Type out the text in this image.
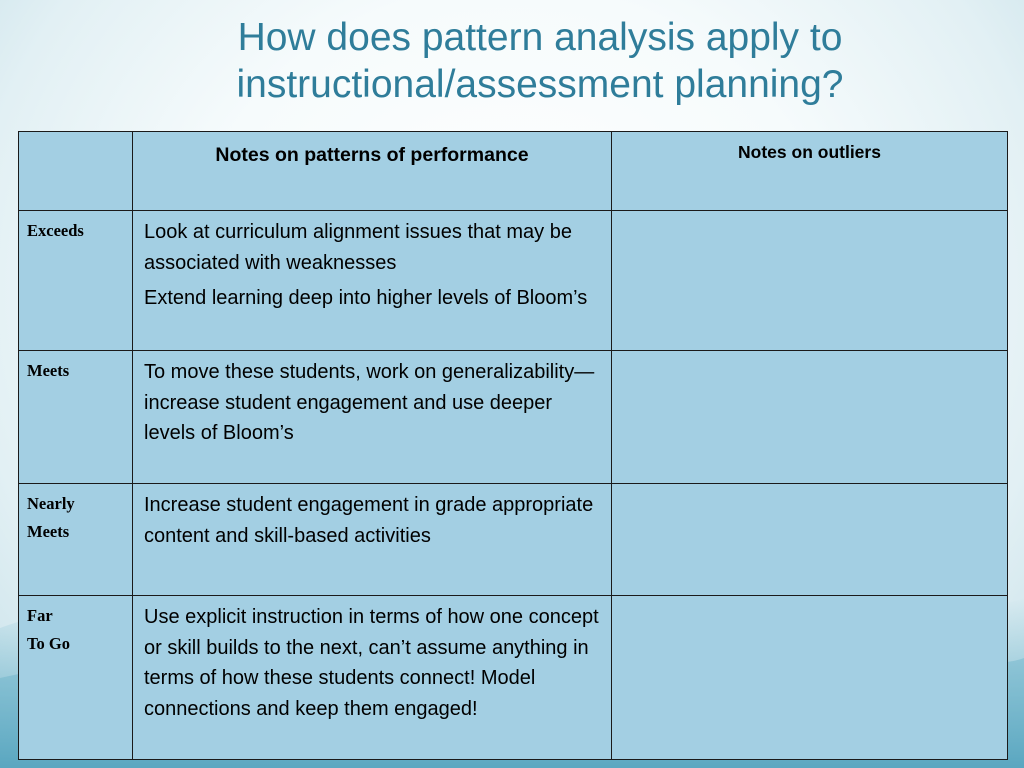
How does pattern analysis apply to instructional/assessment planning?
	Notes on patterns of performance	Notes on outliers

Exceeds	Look at curriculum alignment issues that may be associated with weaknesses

Extend learning deep into higher levels of Bloom’s	

Meets	To move these students, work on generalizability—increase student engagement and use deeper levels of Bloom’s	

Nearly
Meets	Increase student engagement in grade appropriate content and skill-based activities	

Far
To Go	Use explicit instruction in terms of how one concept or skill builds to the next, can’t assume anything in terms of how these students connect! Model connections and keep them engaged!	
